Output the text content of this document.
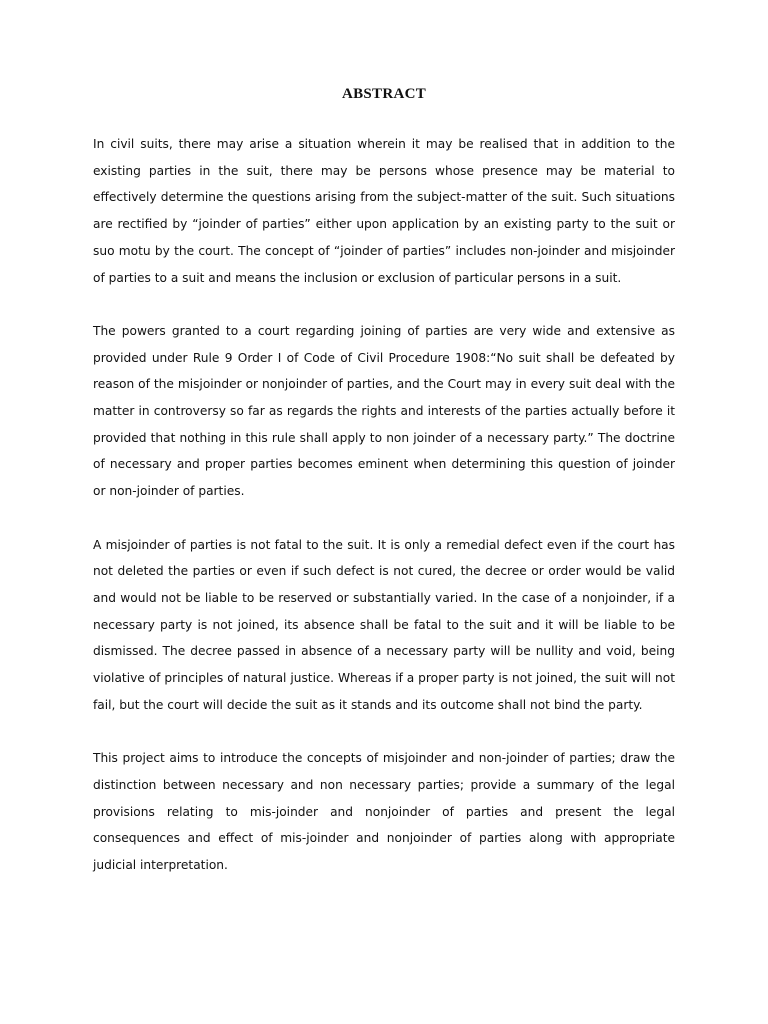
ABSTRACT

In civil suits, there may arise a situation wherein it may be realised that in addition to the existing parties in the suit, there may be persons whose presence may be material to effectively determine the questions arising from the subject-matter of the suit. Such situations are rectified by “joinder of parties” either upon application by an existing party to the suit or suo motu by the court. The concept of “joinder of parties” includes non-joinder and misjoinder of parties to a suit and means the inclusion or exclusion of particular persons in a suit.

The powers granted to a court regarding joining of parties are very wide and extensive as provided under Rule 9 Order I of Code of Civil Procedure 1908:“No suit shall be defeated by reason of the misjoinder or nonjoinder of parties, and the Court may in every suit deal with the matter in controversy so far as regards the rights and interests of the parties actually before it provided that nothing in this rule shall apply to non joinder of a necessary party.” The doctrine of necessary and proper parties becomes eminent when determining this question of joinder or non-joinder of parties.

A misjoinder of parties is not fatal to the suit. It is only a remedial defect even if the court has not deleted the parties or even if such defect is not cured, the decree or order would be valid and would not be liable to be reserved or substantially varied. In the case of a nonjoinder, if a necessary party is not joined, its absence shall be fatal to the suit and it will be liable to be dismissed. The decree passed in absence of a necessary party will be nullity and void, being violative of principles of natural justice. Whereas if a proper party is not joined, the suit will not fail, but the court will decide the suit as it stands and its outcome shall not bind the party.

This project aims to introduce the concepts of misjoinder and non-joinder of parties; draw the distinction between necessary and non necessary parties; provide a summary of the legal provisions relating to mis-joinder and nonjoinder of parties and present the legal consequences and effect of mis-joinder and nonjoinder of parties along with appropriate judicial interpretation.
